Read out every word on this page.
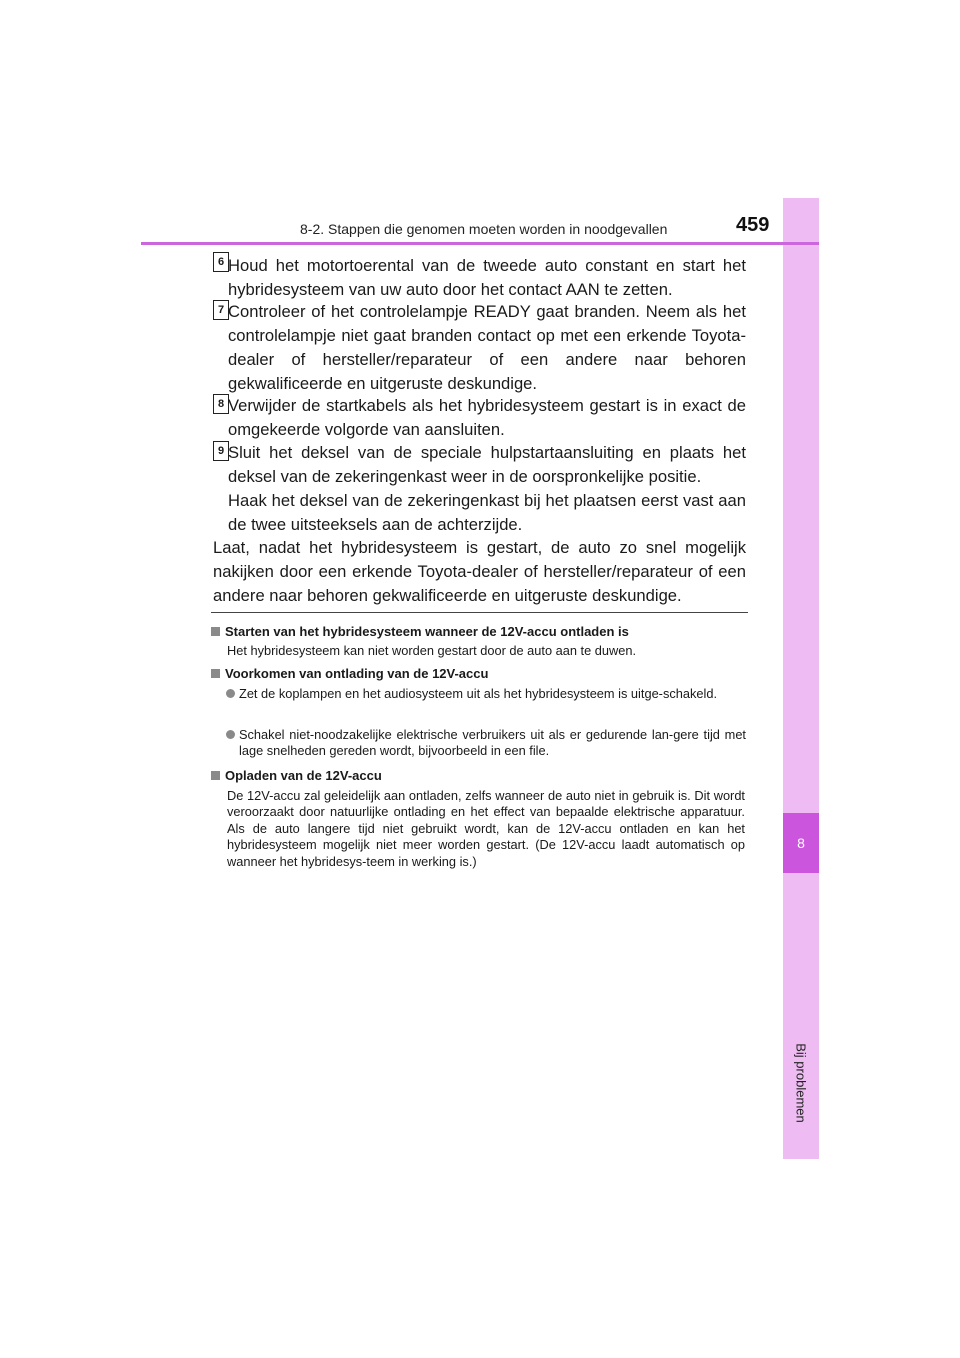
8
Bij problemen
8-2. Stappen die genomen moeten worden in noodgevallen	459
6 Houd het motortoerental van de tweede auto constant en start het hybridesysteem van uw auto door het contact AAN te zetten.

7 Controleer of het controlelampje READY gaat branden. Neem als het controlelampje niet gaat branden contact op met een erkende Toyota-dealer of hersteller/reparateur of een andere naar behoren gekwalificeerde en uitgeruste deskundige.

8 Verwijder de startkabels als het hybridesysteem gestart is in exact de omgekeerde volgorde van aansluiten.

9 Sluit het deksel van de speciale hulpstartaansluiting en plaats het deksel van de zekeringenkast weer in de oorspronkelijke positie.

Haak het deksel van de zekeringenkast bij het plaatsen eerst vast aan de twee uitsteeksels aan de achterzijde.

Laat, nadat het hybridesysteem is gestart, de auto zo snel mogelijk nakijken door een erkende Toyota-dealer of hersteller/reparateur of een andere naar behoren gekwalificeerde en uitgeruste deskundige.

Starten van het hybridesysteem wanneer de 12V-accu ontladen is

Het hybridesysteem kan niet worden gestart door de auto aan te duwen.

Voorkomen van ontlading van de 12V-accu

Zet de koplampen en het audiosysteem uit als het hybridesysteem is uitge-schakeld.

Schakel niet-noodzakelijke elektrische verbruikers uit als er gedurende lan-gere tijd met lage snelheden gereden wordt, bijvoorbeeld in een file.

Opladen van de 12V-accu

De 12V-accu zal geleidelijk aan ontladen, zelfs wanneer de auto niet in gebruik is. Dit wordt veroorzaakt door natuurlijke ontlading en het effect van bepaalde elektrische apparatuur. Als de auto langere tijd niet gebruikt wordt, kan de 12V-accu ontladen en kan het hybridesysteem mogelijk niet meer worden gestart. (De 12V-accu laadt automatisch op wanneer het hybridesys-teem in werking is.)
